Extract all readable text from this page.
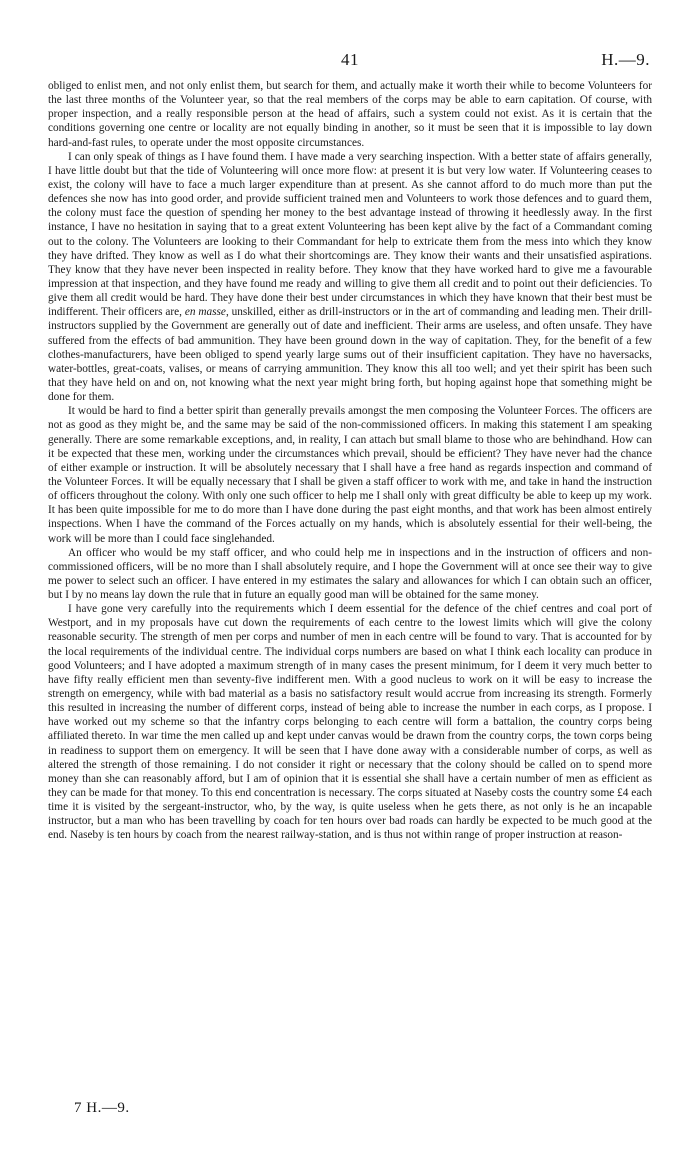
41	H.—9.

obliged to enlist men, and not only enlist them, but search for them, and actually make it worth their while to become Volunteers for the last three months of the Volunteer year, so that the real members of the corps may be able to earn capitation. Of course, with proper inspection, and a really responsible person at the head of affairs, such a system could not exist. As it is certain that the conditions governing one centre or locality are not equally binding in another, so it must be seen that it is impossible to lay down hard-and-fast rules, to operate under the most opposite circumstances.

I can only speak of things as I have found them. I have made a very searching inspection. With a better state of affairs generally, I have little doubt but that the tide of Volunteering will once more flow: at present it is but very low water. If Volunteering ceases to exist, the colony will have to face a much larger expenditure than at present. As she cannot afford to do much more than put the defences she now has into good order, and provide sufficient trained men and Volunteers to work those defences and to guard them, the colony must face the question of spending her money to the best advantage instead of throwing it heedlessly away. In the first instance, I have no hesitation in saying that to a great extent Volunteering has been kept alive by the fact of a Commandant coming out to the colony. The Volunteers are looking to their Commandant for help to extricate them from the mess into which they know they have drifted. They know as well as I do what their shortcomings are. They know their wants and their unsatisfied aspirations. They know that they have never been inspected in reality before. They know that they have worked hard to give me a favourable impression at that inspection, and they have found me ready and willing to give them all credit and to point out their deficiencies. To give them all credit would be hard. They have done their best under circumstances in which they have known that their best must be indifferent. Their officers are, en masse, unskilled, either as drill-instructors or in the art of commanding and leading men. Their drill-instructors supplied by the Government are generally out of date and inefficient. Their arms are useless, and often unsafe. They have suffered from the effects of bad ammunition. They have been ground down in the way of capitation. They, for the benefit of a few clothes-manufacturers, have been obliged to spend yearly large sums out of their insufficient capitation. They have no haversacks, water-bottles, great-coats, valises, or means of carrying ammunition. They know this all too well; and yet their spirit has been such that they have held on and on, not knowing what the next year might bring forth, but hoping against hope that something might be done for them.

It would be hard to find a better spirit than generally prevails amongst the men composing the Volunteer Forces. The officers are not as good as they might be, and the same may be said of the non-commissioned officers. In making this statement I am speaking generally. There are some remarkable exceptions, and, in reality, I can attach but small blame to those who are behindhand. How can it be expected that these men, working under the circumstances which prevail, should be efficient? They have never had the chance of either example or instruction. It will be absolutely necessary that I shall have a free hand as regards inspection and command of the Volunteer Forces. It will be equally necessary that I shall be given a staff officer to work with me, and take in hand the instruction of officers throughout the colony. With only one such officer to help me I shall only with great difficulty be able to keep up my work. It has been quite impossible for me to do more than I have done during the past eight months, and that work has been almost entirely inspections. When I have the command of the Forces actually on my hands, which is absolutely essential for their well-being, the work will be more than I could face singlehanded.

An officer who would be my staff officer, and who could help me in inspections and in the instruction of officers and non-commissioned officers, will be no more than I shall absolutely require, and I hope the Government will at once see their way to give me power to select such an officer. I have entered in my estimates the salary and allowances for which I can obtain such an officer, but I by no means lay down the rule that in future an equally good man will be obtained for the same money.

I have gone very carefully into the requirements which I deem essential for the defence of the chief centres and coal port of Westport, and in my proposals have cut down the requirements of each centre to the lowest limits which will give the colony reasonable security. The strength of men per corps and number of men in each centre will be found to vary. That is accounted for by the local requirements of the individual centre. The individual corps numbers are based on what I think each locality can produce in good Volunteers; and I have adopted a maximum strength of in many cases the present minimum, for I deem it very much better to have fifty really efficient men than seventy-five indifferent men. With a good nucleus to work on it will be easy to increase the strength on emergency, while with bad material as a basis no satisfactory result would accrue from increasing its strength. Formerly this resulted in increasing the number of different corps, instead of being able to increase the number in each corps, as I propose. I have worked out my scheme so that the infantry corps belonging to each centre will form a battalion, the country corps being affiliated thereto. In war time the men called up and kept under canvas would be drawn from the country corps, the town corps being in readiness to support them on emergency. It will be seen that I have done away with a considerable number of corps, as well as altered the strength of those remaining. I do not consider it right or necessary that the colony should be called on to spend more money than she can reasonably afford, but I am of opinion that it is essential she shall have a certain number of men as efficient as they can be made for that money. To this end concentration is necessary. The corps situated at Naseby costs the country some £4 each time it is visited by the sergeant-instructor, who, by the way, is quite useless when he gets there, as not only is he an incapable instructor, but a man who has been travelling by coach for ten hours over bad roads can hardly be expected to be much good at the end. Naseby is ten hours by coach from the nearest railway-station, and is thus not within range of proper instruction at reason-

7 H.—9.
